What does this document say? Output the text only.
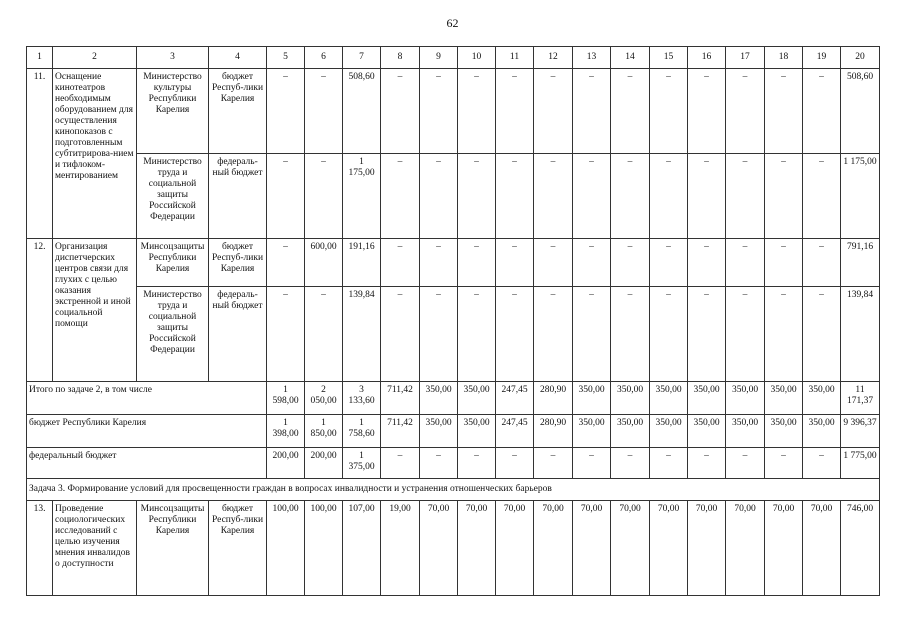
62
1	2	3	4	5	6	7	8	9	10	11	12	13	14	15	16	17	18	19	20
11.	Оснащение кинотеатров необходимым оборудованием для осуществления кинопоказов с подготовленным субтитрирова-нием и тифлоком-ментированием	Министерство культуры Республики Карелия	бюджет Респуб-лики Карелия	–	–	508,60	–	–	–	–	–	–	–	–	–	–	–	–	508,60
		Министерство труда и социальной защиты Российской Федерации	федераль-ный бюджет	–	–	1 175,00	–	–	–	–	–	–	–	–	–	–	–	–	1 175,00
12.	Организация диспетчерских центров связи для глухих с целью оказания экстренной и иной социальной помощи	Минсоцзащиты Республики Карелия	бюджет Респуб-лики Карелия	–	600,00	191,16	–	–	–	–	–	–	–	–	–	–	–	–	791,16
		Министерство труда и социальной защиты Российской Федерации	федераль-ный бюджет	–	–	139,84	–	–	–	–	–	–	–	–	–	–	–	–	139,84
Итого по задаче 2, в том числе				1 598,00	2 050,00	3 133,60	711,42	350,00	350,00	247,45	280,90	350,00	350,00	350,00	350,00	350,00	350,00	350,00	11 171,37
бюджет Республики Карелия				1 398,00	1 850,00	1 758,60	711,42	350,00	350,00	247,45	280,90	350,00	350,00	350,00	350,00	350,00	350,00	350,00	9 396,37
федеральный бюджет				200,00	200,00	1 375,00	–	–	–	–	–	–	–	–	–	–	–	–	1 775,00
Задача 3. Формирование условий для просвещенности граждан в вопросах инвалидности и устранения отношенческих барьеров																			
13.	Проведение социологических исследований с целью изучения мнения инвалидов о доступности	Минсоцзащиты Республики Карелия	бюджет Респуб-лики Карелия	100,00	100,00	107,00	19,00	70,00	70,00	70,00	70,00	70,00	70,00	70,00	70,00	70,00	70,00	70,00	746,00
